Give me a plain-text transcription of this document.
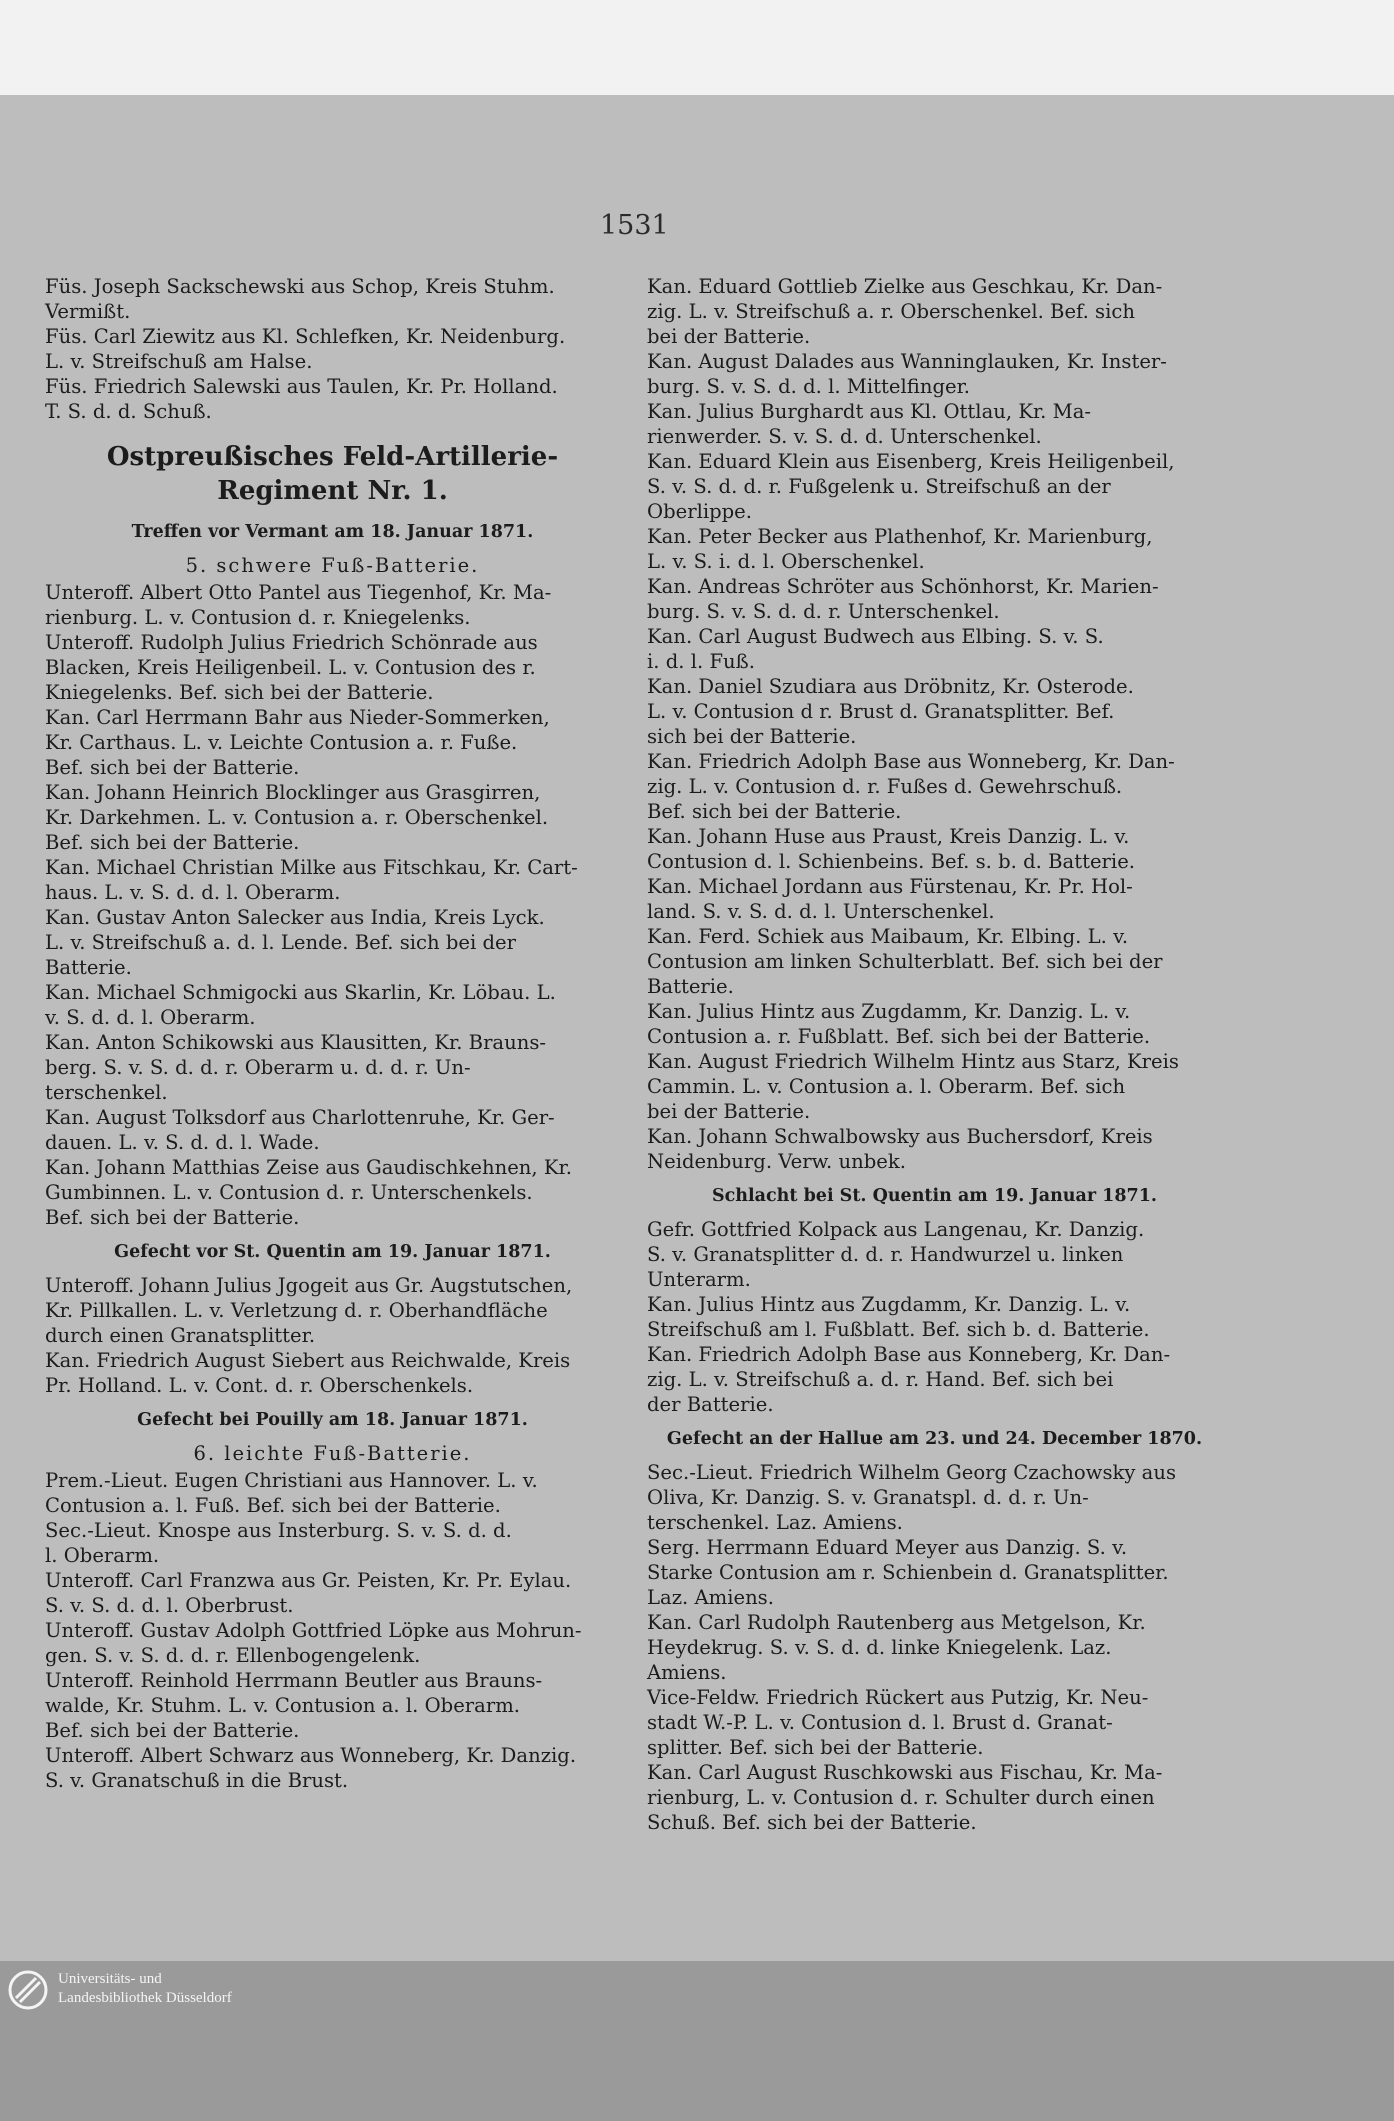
1531

Füs. Joseph Sackschewski aus Schop, Kreis Stuhm.
Vermißt.

Füs. Carl Ziewitz aus Kl. Schlefken, Kr. Neidenburg.
L. v. Streifschuß am Halse.

Füs. Friedrich Salewski aus Taulen, Kr. Pr. Holland.
T. S. d. d. Schuß.

Ostpreußisches Feld-Artillerie-Regiment Nr. 1.
Treffen vor Vermant am 18. Januar 1871.
5. schwere Fuß-Batterie.

Unteroff. Albert Otto Pantel aus Tiegenhof, Kr. Ma-
rienburg. L. v. Contusion d. r. Kniegelenks.

Unteroff. Rudolph Julius Friedrich Schönrade aus
Blacken, Kreis Heiligenbeil. L. v. Contusion des r.
Kniegelenks. Bef. sich bei der Batterie.

Kan. Carl Herrmann Bahr aus Nieder-Sommerken,
Kr. Carthaus. L. v. Leichte Contusion a. r. Fuße.
Bef. sich bei der Batterie.

Kan. Johann Heinrich Blocklinger aus Grasgirren,
Kr. Darkehmen. L. v. Contusion a. r. Oberschenkel.
Bef. sich bei der Batterie.

Kan. Michael Christian Milke aus Fitschkau, Kr. Cart-
haus. L. v. S. d. d. l. Oberarm.

Kan. Gustav Anton Salecker aus India, Kreis Lyck.
L. v. Streifschuß a. d. l. Lende. Bef. sich bei der
Batterie.

Kan. Michael Schmigocki aus Skarlin, Kr. Löbau. L.
v. S. d. d. l. Oberarm.

Kan. Anton Schikowski aus Klausitten, Kr. Brauns-
berg. S. v. S. d. d. r. Oberarm u. d. d. r. Un-
terschenkel.

Kan. August Tolksdorf aus Charlottenruhe, Kr. Ger-
dauen. L. v. S. d. d. l. Wade.

Kan. Johann Matthias Zeise aus Gaudischkehnen, Kr.
Gumbinnen. L. v. Contusion d. r. Unterschenkels.
Bef. sich bei der Batterie.

Gefecht vor St. Quentin am 19. Januar 1871.

Unteroff. Johann Julius Jgogeit aus Gr. Augstutschen,
Kr. Pillkallen. L. v. Verletzung d. r. Oberhandfläche
durch einen Granatsplitter.

Kan. Friedrich August Siebert aus Reichwalde, Kreis
Pr. Holland. L. v. Cont. d. r. Oberschenkels.

Gefecht bei Pouilly am 18. Januar 1871.
6. leichte Fuß-Batterie.

Prem.-Lieut. Eugen Christiani aus Hannover. L. v.
Contusion a. l. Fuß. Bef. sich bei der Batterie.

Sec.-Lieut. Knospe aus Insterburg. S. v. S. d. d.
l. Oberarm.

Unteroff. Carl Franzwa aus Gr. Peisten, Kr. Pr. Eylau.
S. v. S. d. d. l. Oberbrust.

Unteroff. Gustav Adolph Gottfried Löpke aus Mohrun-
gen. S. v. S. d. d. r. Ellenbogengelenk.

Unteroff. Reinhold Herrmann Beutler aus Brauns-
walde, Kr. Stuhm. L. v. Contusion a. l. Oberarm.
Bef. sich bei der Batterie.

Unteroff. Albert Schwarz aus Wonneberg, Kr. Danzig.
S. v. Granatschuß in die Brust.

Kan. Eduard Gottlieb Zielke aus Geschkau, Kr. Dan-
zig. L. v. Streifschuß a. r. Oberschenkel. Bef. sich
bei der Batterie.

Kan. August Dalades aus Wanninglauken, Kr. Inster-
burg. S. v. S. d. d. l. Mittelfinger.

Kan. Julius Burghardt aus Kl. Ottlau, Kr. Ma-
rienwerder. S. v. S. d. d. Unterschenkel.

Kan. Eduard Klein aus Eisenberg, Kreis Heiligenbeil,
S. v. S. d. d. r. Fußgelenk u. Streifschuß an der
Oberlippe.

Kan. Peter Becker aus Plathenhof, Kr. Marienburg,
L. v. S. i. d. l. Oberschenkel.

Kan. Andreas Schröter aus Schönhorst, Kr. Marien-
burg. S. v. S. d. d. r. Unterschenkel.

Kan. Carl August Budwech aus Elbing. S. v. S.
i. d. l. Fuß.

Kan. Daniel Szudiara aus Dröbnitz, Kr. Osterode.
L. v. Contusion d r. Brust d. Granatsplitter. Bef.
sich bei der Batterie.

Kan. Friedrich Adolph Base aus Wonneberg, Kr. Dan-
zig. L. v. Contusion d. r. Fußes d. Gewehrschuß.
Bef. sich bei der Batterie.

Kan. Johann Huse aus Praust, Kreis Danzig. L. v.
Contusion d. l. Schienbeins. Bef. s. b. d. Batterie.

Kan. Michael Jordann aus Fürstenau, Kr. Pr. Hol-
land. S. v. S. d. d. l. Unterschenkel.

Kan. Ferd. Schiek aus Maibaum, Kr. Elbing. L. v.
Contusion am linken Schulterblatt. Bef. sich bei der
Batterie.

Kan. Julius Hintz aus Zugdamm, Kr. Danzig. L. v.
Contusion a. r. Fußblatt. Bef. sich bei der Batterie.

Kan. August Friedrich Wilhelm Hintz aus Starz, Kreis
Cammin. L. v. Contusion a. l. Oberarm. Bef. sich
bei der Batterie.

Kan. Johann Schwalbowsky aus Buchersdorf, Kreis
Neidenburg. Verw. unbek.

Schlacht bei St. Quentin am 19. Januar 1871.

Gefr. Gottfried Kolpack aus Langenau, Kr. Danzig.
S. v. Granatsplitter d. d. r. Handwurzel u. linken
Unterarm.

Kan. Julius Hintz aus Zugdamm, Kr. Danzig. L. v.
Streifschuß am l. Fußblatt. Bef. sich b. d. Batterie.

Kan. Friedrich Adolph Base aus Konneberg, Kr. Dan-
zig. L. v. Streifschuß a. d. r. Hand. Bef. sich bei
der Batterie.

Gefecht an der Hallue am 23. und 24. December 1870.

Sec.-Lieut. Friedrich Wilhelm Georg Czachowsky aus
Oliva, Kr. Danzig. S. v. Granatspl. d. d. r. Un-
terschenkel. Laz. Amiens.

Serg. Herrmann Eduard Meyer aus Danzig. S. v.
Starke Contusion am r. Schienbein d. Granatsplitter.
Laz. Amiens.

Kan. Carl Rudolph Rautenberg aus Metgelson, Kr.
Heydekrug. S. v. S. d. d. linke Kniegelenk. Laz.
Amiens.

Vice-Feldw. Friedrich Rückert aus Putzig, Kr. Neu-
stadt W.-P. L. v. Contusion d. l. Brust d. Granat-
splitter. Bef. sich bei der Batterie.

Kan. Carl August Ruschkowski aus Fischau, Kr. Ma-
rienburg, L. v. Contusion d. r. Schulter durch einen
Schuß. Bef. sich bei der Batterie.

Universitäts- und
Landesbibliothek Düsseldorf
